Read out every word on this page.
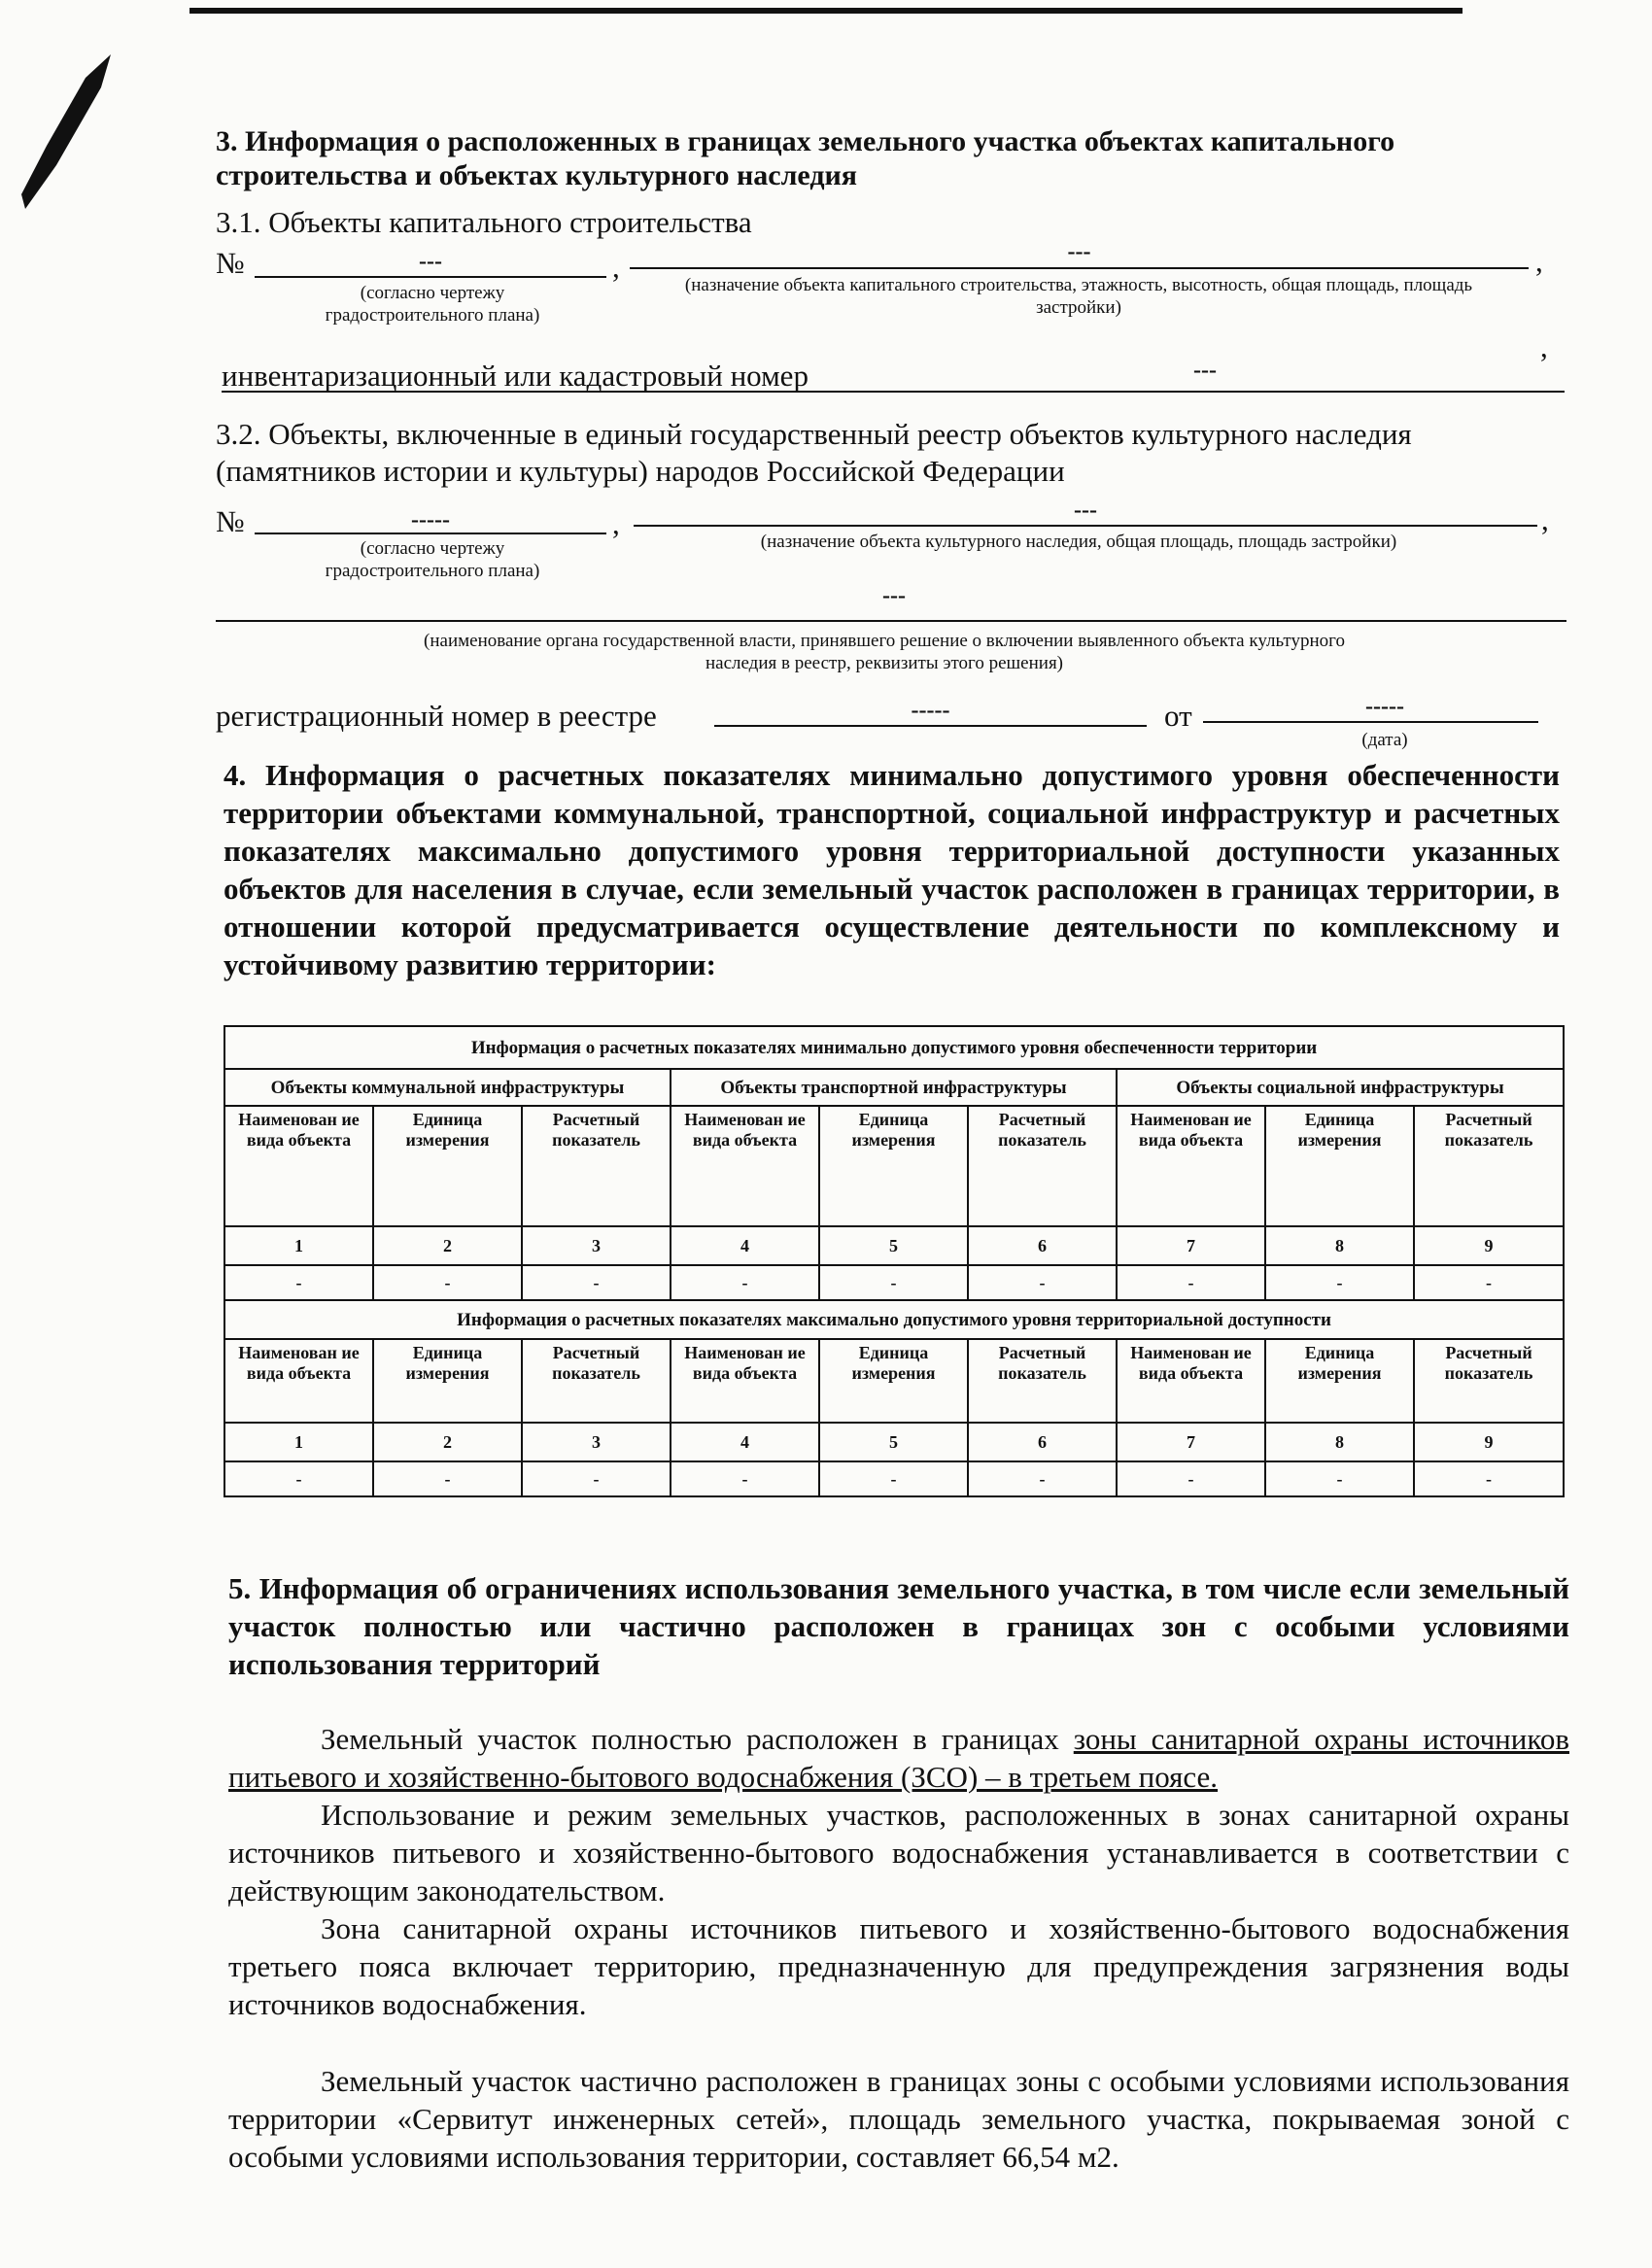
3. Информация о расположенных в границах земельного участка объектах капитального строительства и объектах культурного наследия
3.1. Объекты капитального строительства
№	---	,	---	,
(согласно чертежу градостроительного плана)
(назначение объекта капитального строительства, этажность, высотность, общая площадь, площадь застройки)
,
инвентаризационный или кадастровый номер	---
3.2. Объекты, включенные в единый государственный реестр объектов культурного наследия (памятников истории и культуры) народов Российской Федерации
№	-----	,	---	,
(согласно чертежу градостроительного плана)
(назначение объекта культурного наследия, общая площадь, площадь застройки)
---
(наименование органа государственной власти, принявшего решение о включении выявленного объекта культурного наследия в реестр, реквизиты этого решения)
регистрационный номер в реестре	-----	от	-----
(дата)
4. Информация о расчетных показателях минимально допустимого уровня обеспеченности территории объектами коммунальной, транспортной, социальной инфраструктур и расчетных показателях максимально допустимого уровня территориальной доступности указанных объектов для населения в случае, если земельный участок расположен в границах территории, в отношении которой предусматривается осуществление деятельности по комплексному и устойчивому развитию территории:
Информация о расчетных показателях минимально допустимого уровня обеспеченности территории								
Объекты коммунальной инфраструктуры			Объекты транспортной инфраструктуры			Объекты социальной инфраструктуры		
Наименован ие вида объекта	Единица измерения	Расчетный показатель	Наименован ие вида объекта	Единица измерения	Расчетный показатель	Наименован ие вида объекта	Единица измерения	Расчетный показатель
1	2	3	4	5	6	7	8	9
-	-	-	-	-	-	-	-	-
Информация о расчетных показателях максимально допустимого уровня территориальной доступности								
Наименован ие вида объекта	Единица измерения	Расчетный показатель	Наименован ие вида объекта	Единица измерения	Расчетный показатель	Наименован ие вида объекта	Единица измерения	Расчетный показатель
1	2	3	4	5	6	7	8	9
-	-	-	-	-	-	-	-	-
5. Информация об ограничениях использования земельного участка, в том числе если земельный участок полностью или частично расположен в границах зон с особыми условиями использования территорий
Земельный участок полностью расположен в границах зоны санитарной охраны источников питьевого и хозяйственно-бытового водоснабжения (ЗСО) – в третьем поясе.
Использование и режим земельных участков, расположенных в зонах санитарной охраны источников питьевого и хозяйственно-бытового водоснабжения устанавливается в соответствии с действующим законодательством.
Зона санитарной охраны источников питьевого и хозяйственно-бытового водоснабжения третьего пояса включает территорию, предназначенную для предупреждения загрязнения воды источников водоснабжения.
Земельный участок частично расположен в границах зоны с особыми условиями использования территории «Сервитут инженерных сетей», площадь земельного участка, покрываемая зоной с особыми условиями использования территории, составляет 66,54 м2.
